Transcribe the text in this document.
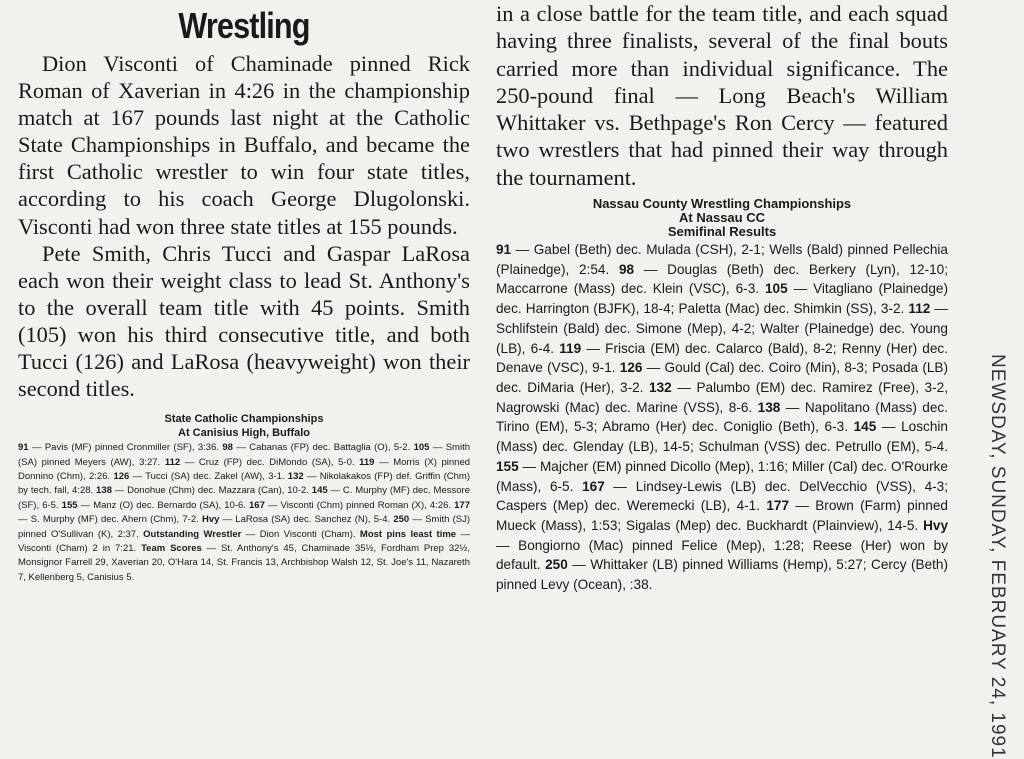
Wrestling

Dion Visconti of Chaminade pinned Rick Roman of Xaverian in 4:26 in the championship match at 167 pounds last night at the Catholic State Championships in Buffalo, and became the first Catholic wrestler to win four state titles, according to his coach George Dlugolonski. Visconti had won three state titles at 155 pounds.

Pete Smith, Chris Tucci and Gaspar LaRosa each won their weight class to lead St. Anthony's to the overall team title with 45 points. Smith (105) won his third consecutive title, and both Tucci (126) and LaRosa (heavyweight) won their second titles.

State Catholic Championships

At Canisius High, Buffalo

91 — Pavis (MF) pinned Cronmiller (SF), 3:36. 98 — Cabanas (FP) dec. Battaglia (O), 5-2. 105 — Smith (SA) pinned Meyers (AW), 3:27. 112 — Cruz (FP) dec. DiMondo (SA), 5-0. 119 — Morris (X) pinned Donnino (Chm), 2:26. 126 — Tucci (SA) dec. Zakel (AW), 3-1. 132 — Nikolakakos (FP) def. Griffin (Chm) by tech. fall, 4:28. 138 — Donohue (Chm) dec. Mazzara (Can), 10-2. 145 — C. Murphy (MF) dec. Messore (SF), 6-5. 155 — Manz (O) dec. Bernardo (SA), 10-6. 167 — Visconti (Chm) pinned Roman (X), 4:26. 177 — S. Murphy (MF) dec. Ahern (Chm), 7-2. Hvy — LaRosa (SA) dec. Sanchez (N), 5-4. 250 — Smith (SJ) pinned O'Sullivan (K), 2:37. Outstanding Wrestler — Dion Visconti (Cham). Most pins least time — Visconti (Cham) 2 in 7:21. Team Scores — St. Anthony's 45, Chaminade 35½, Fordham Prep 32½, Monsignor Farrell 29, Xaverian 20, O'Hara 14, St. Francis 13, Archbishop Walsh 12, St. Joe's 11, Nazareth 7, Kellenberg 5, Canisius 5.

in a close battle for the team title, and each squad having three finalists, several of the final bouts carried more than individual significance. The 250-pound final — Long Beach's William Whittaker vs. Bethpage's Ron Cercy — featured two wrestlers that had pinned their way through the tournament.

Nassau County Wrestling Championships

At Nassau CC

Semifinal Results

91 — Gabel (Beth) dec. Mulada (CSH), 2-1; Wells (Bald) pinned Pellechia (Plainedge), 2:54. 98 — Douglas (Beth) dec. Berkery (Lyn), 12-10; Maccarrone (Mass) dec. Klein (VSC), 6-3. 105 — Vitagliano (Plainedge) dec. Harrington (BJFK), 18-4; Paletta (Mac) dec. Shimkin (SS), 3-2. 112 — Schlifstein (Bald) dec. Simone (Mep), 4-2; Walter (Plainedge) dec. Young (LB), 6-4. 119 — Friscia (EM) dec. Calarco (Bald), 8-2; Renny (Her) dec. Denave (VSC), 9-1. 126 — Gould (Cal) dec. Coiro (Min), 8-3; Posada (LB) dec. DiMaria (Her), 3-2. 132 — Palumbo (EM) dec. Ramirez (Free), 3-2, Nagrowski (Mac) dec. Marine (VSS), 8-6. 138 — Napolitano (Mass) dec. Tirino (EM), 5-3; Abramo (Her) dec. Coniglio (Beth), 6-3. 145 — Loschin (Mass) dec. Glenday (LB), 14-5; Schulman (VSS) dec. Petrullo (EM), 5-4. 155 — Majcher (EM) pinned Dicollo (Mep), 1:16; Miller (Cal) dec. O'Rourke (Mass), 6-5. 167 — Lindsey-Lewis (LB) dec. DelVecchio (VSS), 4-3; Caspers (Mep) dec. Weremecki (LB), 4-1. 177 — Brown (Farm) pinned Mueck (Mass), 1:53; Sigalas (Mep) dec. Buckhardt (Plainview), 14-5. Hvy — Bongiorno (Mac) pinned Felice (Mep), 1:28; Reese (Her) won by default. 250 — Whittaker (LB) pinned Williams (Hemp), 5:27; Cercy (Beth) pinned Levy (Ocean), :38.	NEWSDAY, SUNDAY, FEBRUARY 24, 1991
